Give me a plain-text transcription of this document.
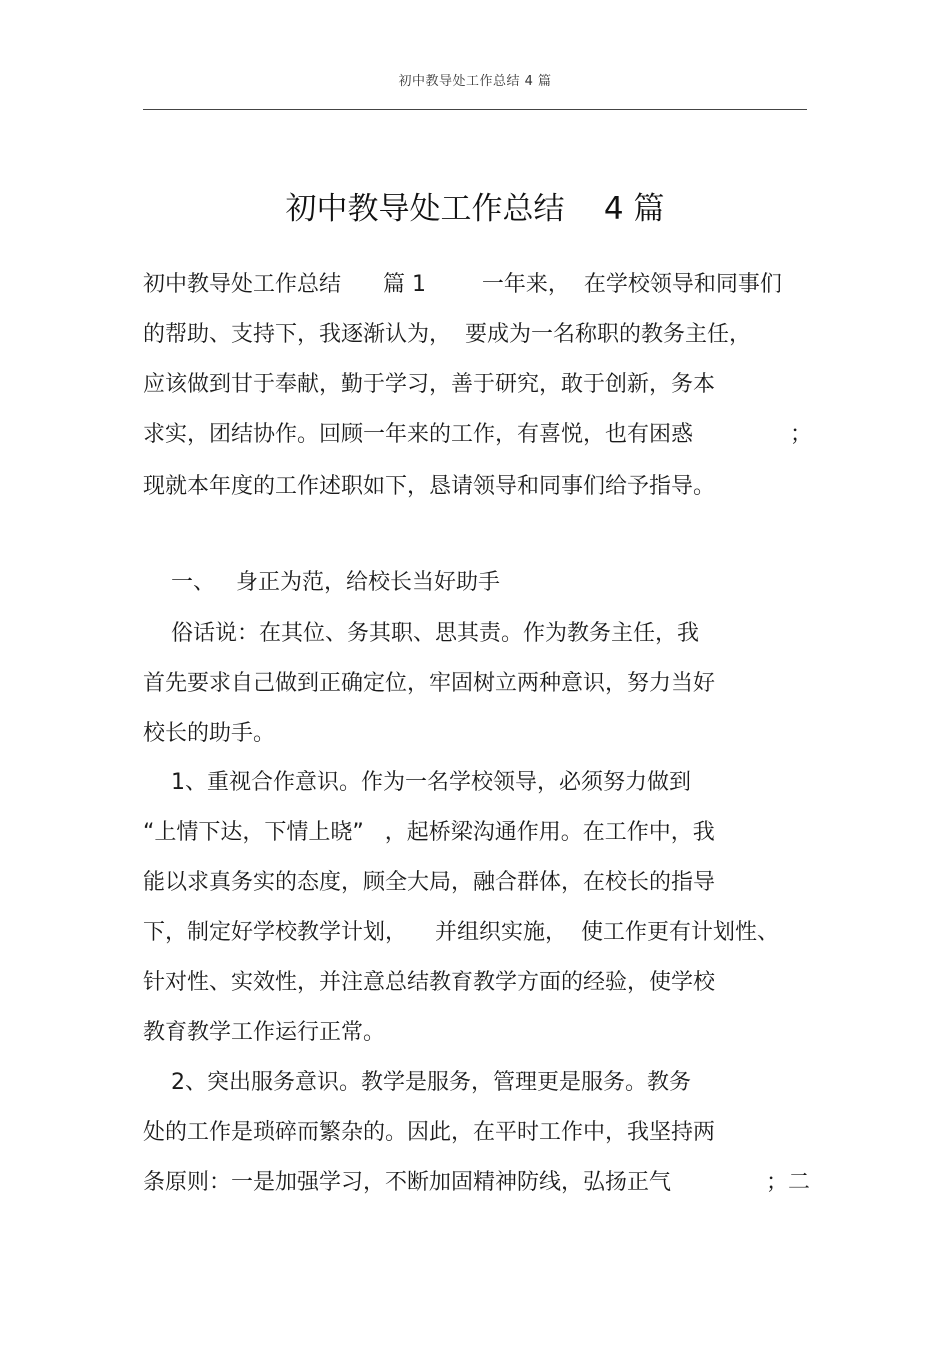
初中教导处工作总结 4 篇
初中教导处工作总结    4 篇
初中教导处工作总结      篇 1        一年来，  在学校领导和同事们
的帮助、支持下，我逐渐认为，  要成为一名称职的教务主任，
应该做到甘于奉献，勤于学习，善于研究，敢于创新，务本
求实，团结协作。回顾一年来的工作，有喜悦，也有困惑	；
现就本年度的工作述职如下，恳请领导和同事们给予指导。
一、   身正为范，给校长当好助手
俗话说：在其位、务其职、思其责。作为教务主任，我
首先要求自己做到正确定位，牢固树立两种意识，努力当好
校长的助手。
1、重视合作意识。作为一名学校领导，必须努力做到
“上情下达，下情上晓”   ，起桥梁沟通作用。在工作中，我
能以求真务实的态度，顾全大局，融合群体，在校长的指导
下，制定好学校教学计划，    并组织实施，  使工作更有计划性、
针对性、实效性，并注意总结教育教学方面的经验，使学校
教育教学工作运行正常。
2、突出服务意识。教学是服务，管理更是服务。教务
处的工作是琐碎而繁杂的。因此，在平时工作中，我坚持两
条原则：一是加强学习，不断加固精神防线，弘扬正气	；二
